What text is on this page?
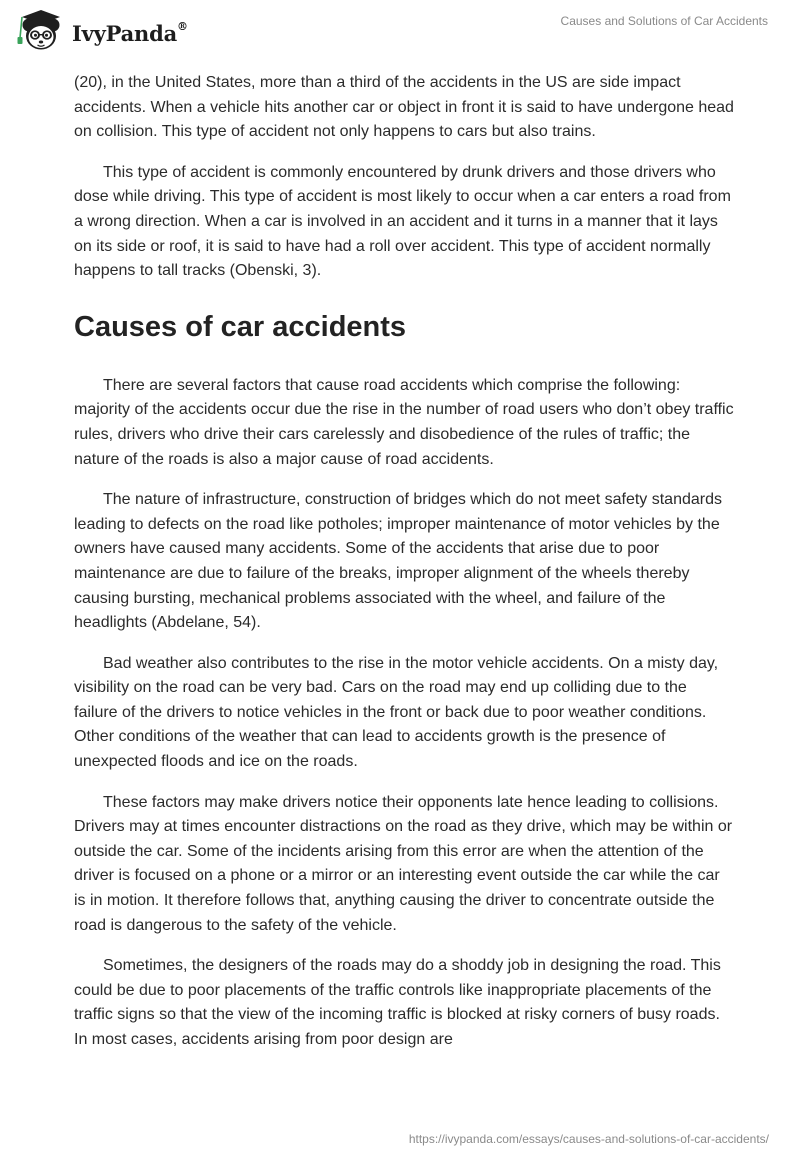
IvyPanda®	Causes and Solutions of Car Accidents

(20), in the United States, more than a third of the accidents in the US are side impact accidents. When a vehicle hits another car or object in front it is said to have undergone head on collision. This type of accident not only happens to cars but also trains.

This type of accident is commonly encountered by drunk drivers and those drivers who dose while driving. This type of accident is most likely to occur when a car enters a road from a wrong direction. When a car is involved in an accident and it turns in a manner that it lays on its side or roof, it is said to have had a roll over accident. This type of accident normally happens to tall tracks (Obenski, 3).

Causes of car accidents

There are several factors that cause road accidents which comprise the following: majority of the accidents occur due the rise in the number of road users who don’t obey traffic rules, drivers who drive their cars carelessly and disobedience of the rules of traffic; the nature of the roads is also a major cause of road accidents.

The nature of infrastructure, construction of bridges which do not meet safety standards leading to defects on the road like potholes; improper maintenance of motor vehicles by the owners have caused many accidents. Some of the accidents that arise due to poor maintenance are due to failure of the breaks, improper alignment of the wheels thereby causing bursting, mechanical problems associated with the wheel, and failure of the headlights (Abdelane, 54).

Bad weather also contributes to the rise in the motor vehicle accidents. On a misty day, visibility on the road can be very bad. Cars on the road may end up colliding due to the failure of the drivers to notice vehicles in the front or back due to poor weather conditions. Other conditions of the weather that can lead to accidents growth is the presence of unexpected floods and ice on the roads.

These factors may make drivers notice their opponents late hence leading to collisions. Drivers may at times encounter distractions on the road as they drive, which may be within or outside the car. Some of the incidents arising from this error are when the attention of the driver is focused on a phone or a mirror or an interesting event outside the car while the car is in motion. It therefore follows that, anything causing the driver to concentrate outside the road is dangerous to the safety of the vehicle.

Sometimes, the designers of the roads may do a shoddy job in designing the road. This could be due to poor placements of the traffic controls like inappropriate placements of the traffic signs so that the view of the incoming traffic is blocked at risky corners of busy roads. In most cases, accidents arising from poor design are

https://ivypanda.com/essays/causes-and-solutions-of-car-accidents/
